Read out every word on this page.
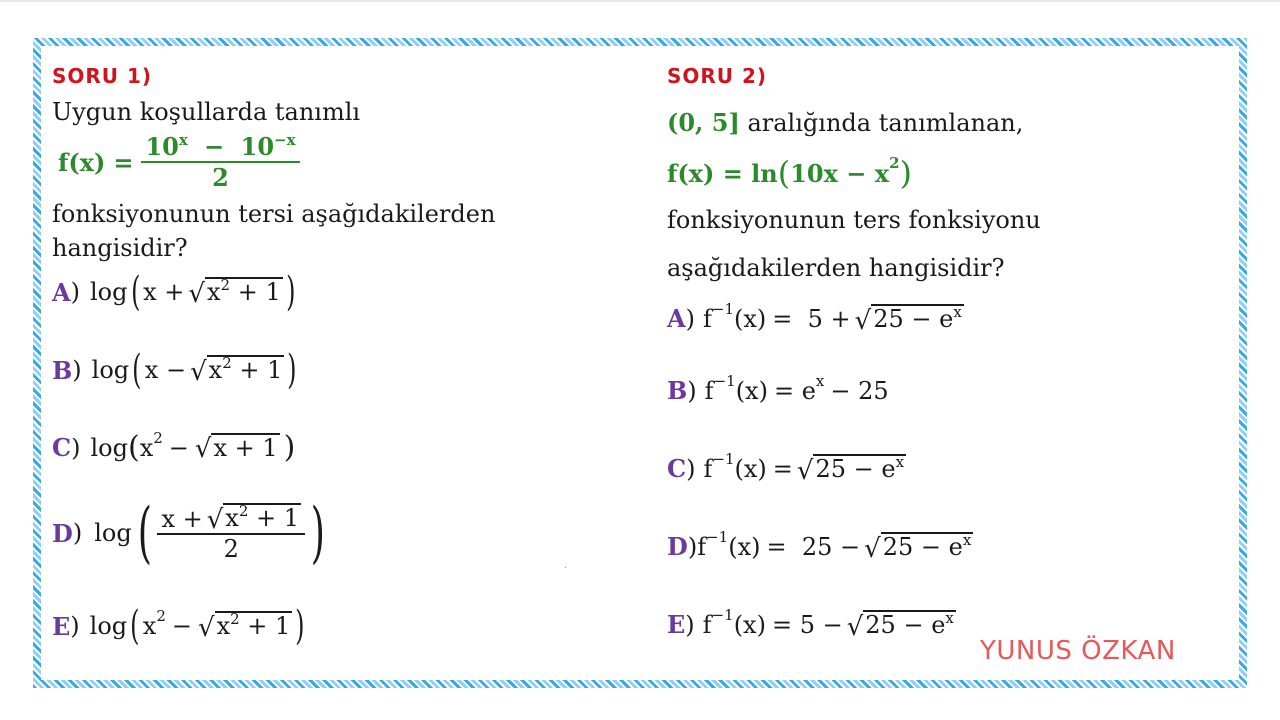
SORU 1)
Uygun koşullarda tanımlı
$f(x) = \frac{10^x - 10^{-x}}{2}$
fonksiyonunun tersi aşağıdakilerden
hangisidir?
A ) log ( x + √ $x^2 + 1$ )
B ) log ( x − √ $x^2 + 1$ )
C ) log ( x 2 − √ x + 1 )
D ) log ( $\frac{x + √ x^2 + 1}{2}$ )
E ) log ( x 2 − √ $x^2 + 1$ )
SORU 2)
(0, 5] aralığında tanımlanan,
f(x) = ln ( 10x − x 2 )
fonksiyonunun ters fonksiyonu
aşağıdakilerden hangisidir?
A ) f −1 (x) =  5 + √ $25 - e^x$
B ) f −1 (x) = e x − 25
C ) f −1 (x) = √ $25 - e^x$
D ) f −1 (x) =  25 − √ $25 - e^x$
E ) f −1 (x) = 5 − √ $25 - e^x$
YUNUS ÖZKAN
